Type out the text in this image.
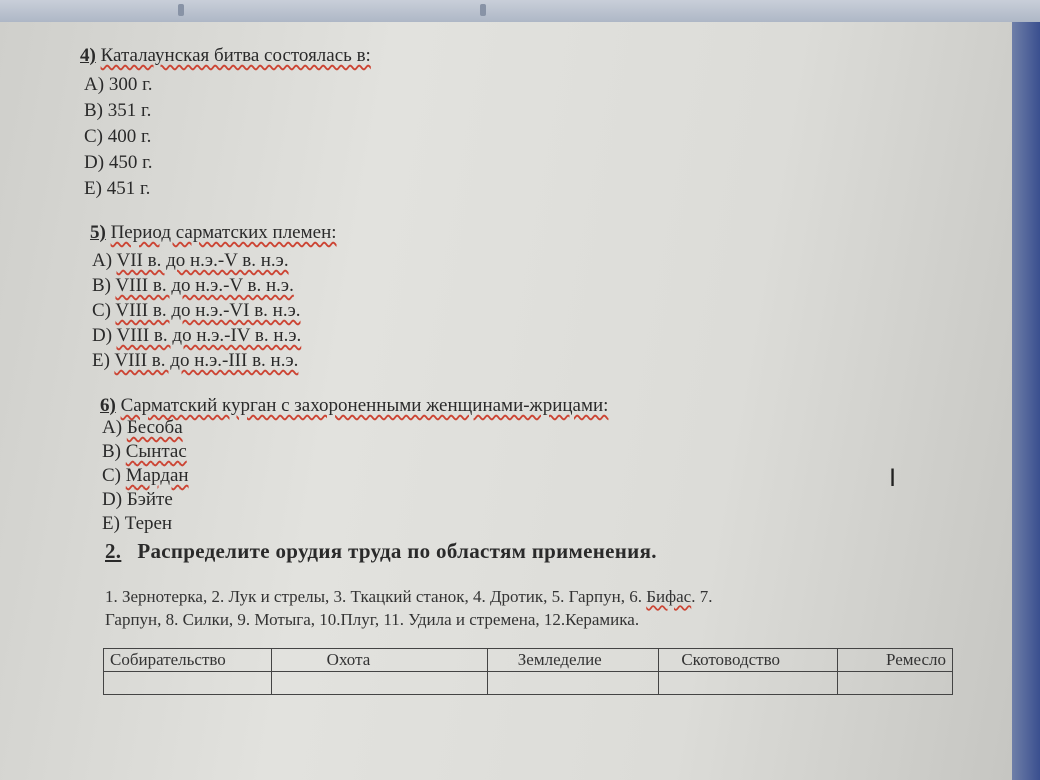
4) Каталаунская битва состоялась в:
A) 300 г.
B) 351 г.
C) 400 г.
D) 450 г.
E) 451 г.
5) Период сарматских племен:
A) VII в. до н.э.-V в. н.э.
B) VIII в. до н.э.-V в. н.э.
C) VIII в. до н.э.-VI в. н.э.
D) VIII в. до н.э.-IV в. н.э.
E) VIII в. до н.э.-III в. н.э.
6) Сарматский курган с захороненными женщинами-жрицами:
A) Бесоба
B) Сынтас
C) Мардан
D) Бэйте
E) Терен
I
2. Распределите орудия труда по областям применения.
1. Зернотерка, 2. Лук и стрелы, 3. Ткацкий станок, 4. Дротик, 5. Гарпун, 6. Бифас. 7.
Гарпун, 8. Силки, 9. Мотыга, 10.Плуг, 11. Удила и стремена, 12.Керамика.
Собирательство	Охота	Земледелие	Скотоводство	Ремесло
